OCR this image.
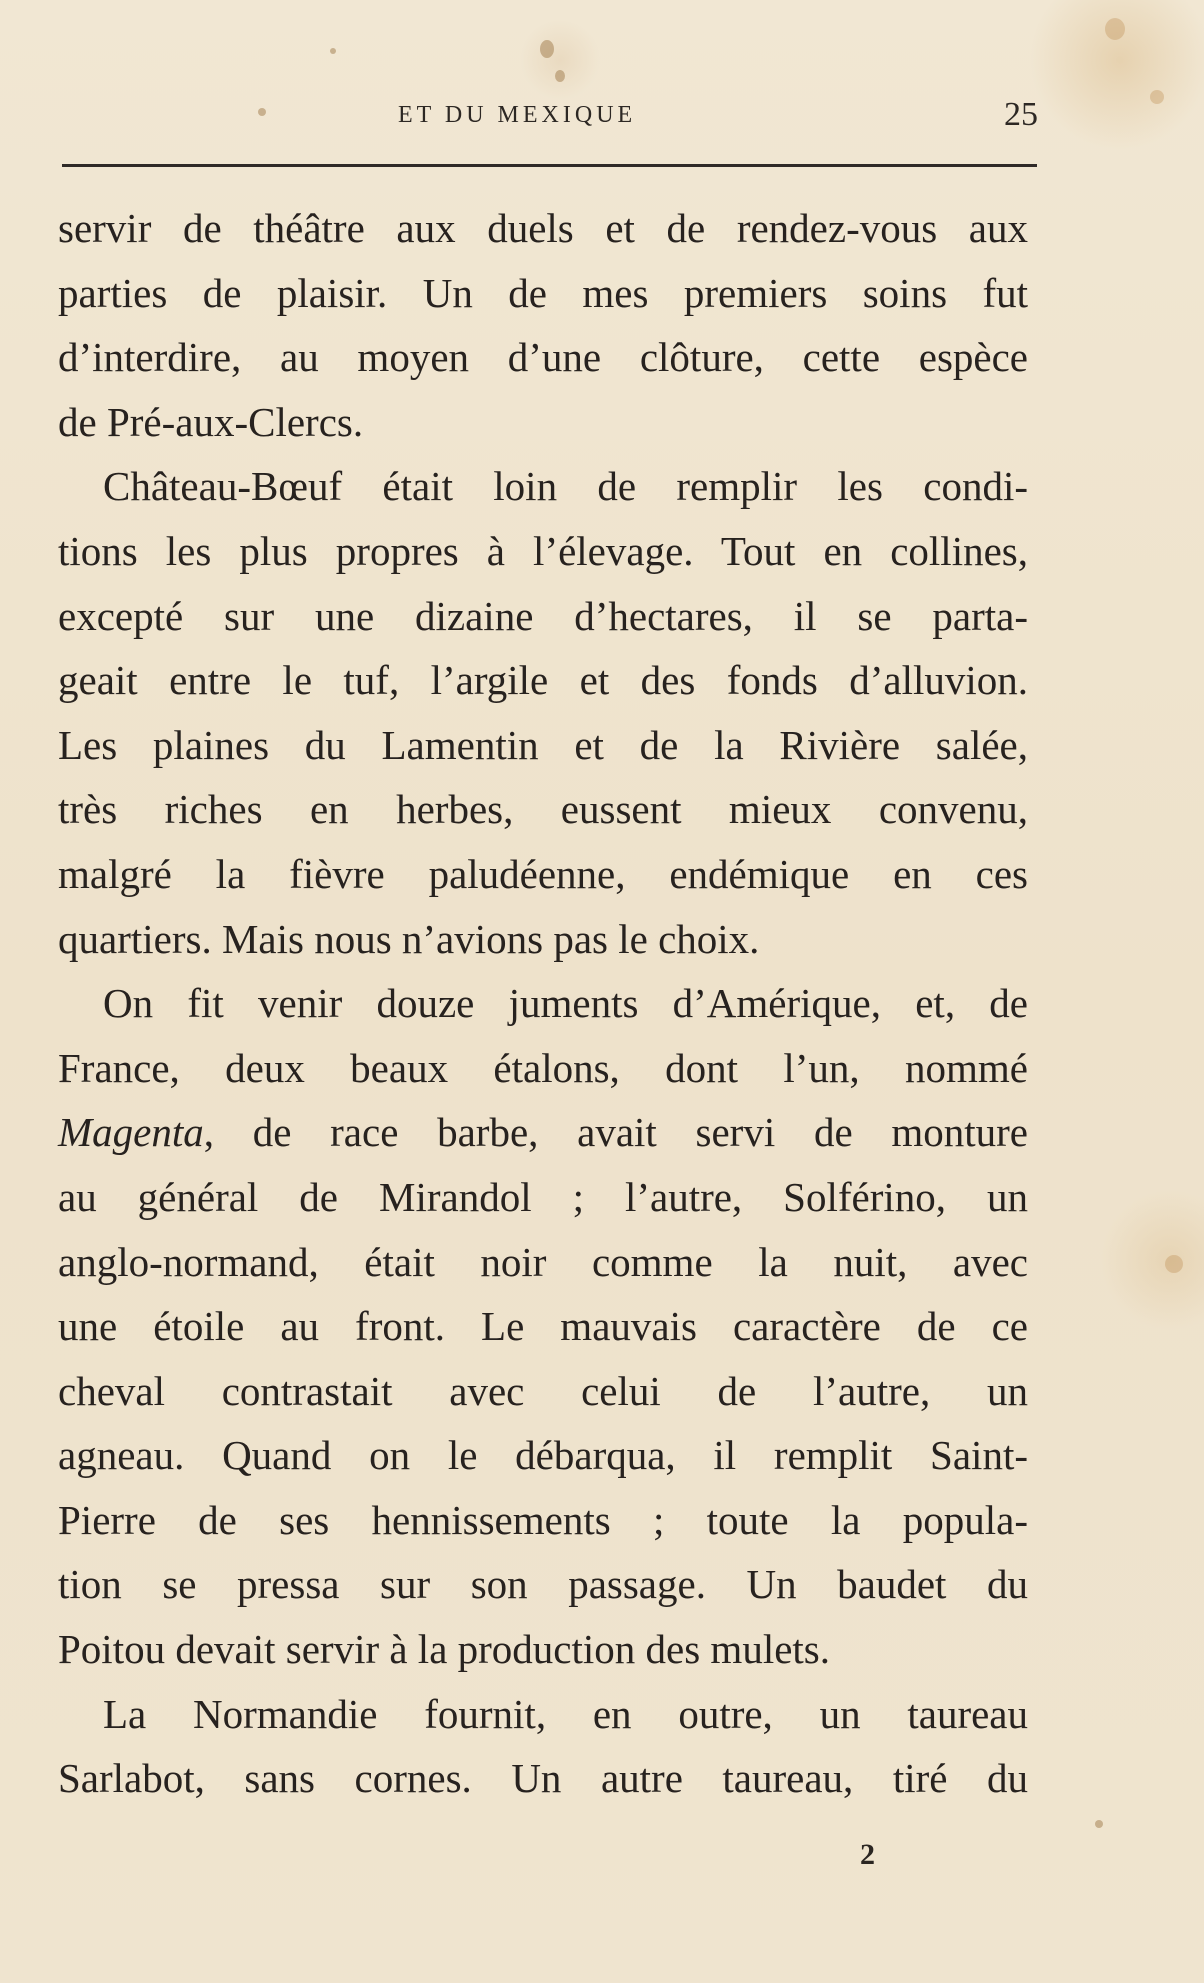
ET DU MEXIQUE	25
servir de théâtre aux duels et de rendez-vous aux
parties de plaisir. Un de mes premiers soins fut
d’interdire, au moyen d’une clôture, cette espèce
de Pré-aux-Clercs.
Château-Bœuf était loin de remplir les condi-
tions les plus propres à l’élevage. Tout en collines,
excepté sur une dizaine d’hectares, il se parta-
geait entre le tuf, l’argile et des fonds d’alluvion.
Les plaines du Lamentin et de la Rivière salée,
très riches en herbes, eussent mieux convenu,
malgré la fièvre paludéenne, endémique en ces
quartiers. Mais nous n’avions pas le choix.
On fit venir douze juments d’Amérique, et, de
France, deux beaux étalons, dont l’un, nommé
Magenta, de race barbe, avait servi de monture
au général de Mirandol ; l’autre, Solférino, un
anglo-normand, était noir comme la nuit, avec
une étoile au front. Le mauvais caractère de ce
cheval contrastait avec celui de l’autre, un
agneau. Quand on le débarqua, il remplit Saint-
Pierre de ses hennissements ; toute la popula-
tion se pressa sur son passage. Un baudet du
Poitou devait servir à la production des mulets.
La Normandie fournit, en outre, un taureau
Sarlabot, sans cornes. Un autre taureau, tiré du
2
